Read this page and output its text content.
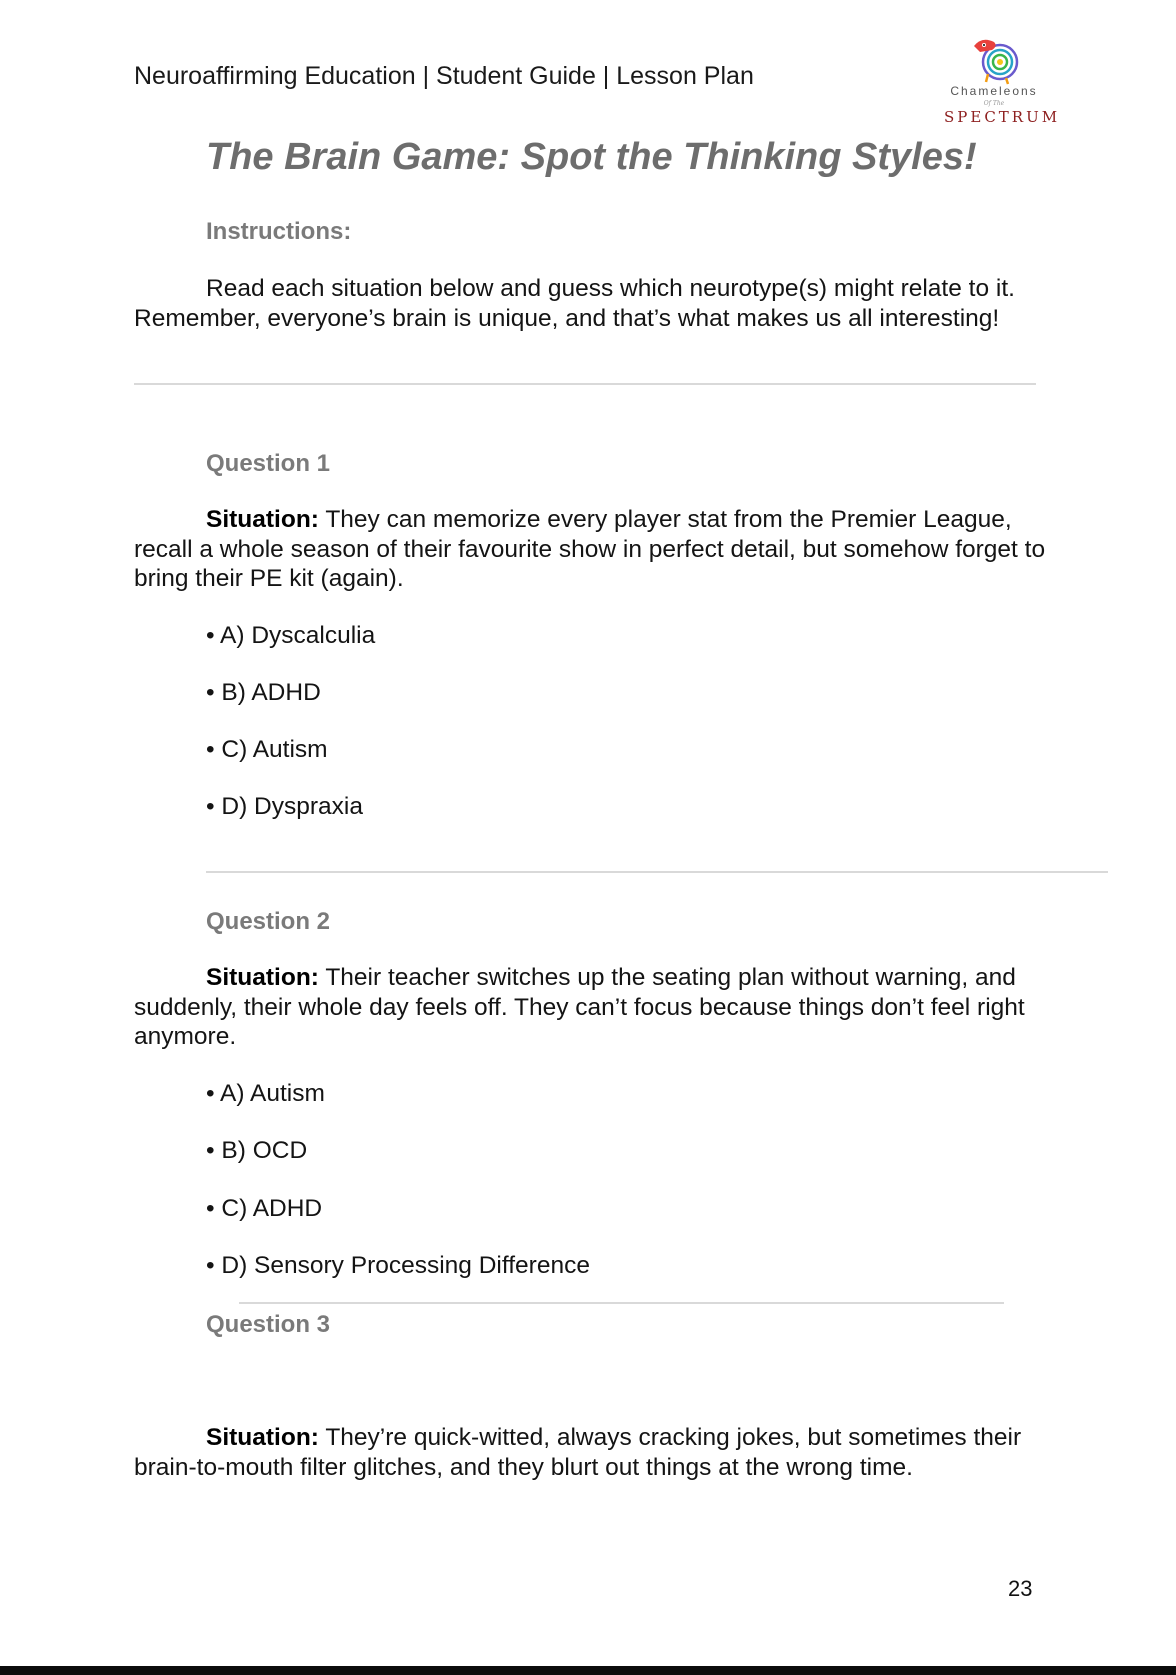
Neuroaffirming Education | Student Guide | Lesson Plan
Chameleons
Of The
SPECTRUM
The Brain Game: Spot the Thinking Styles!
Instructions:

Read each situation below and guess which neurotype(s) might relate to it. Remember, everyone’s brain is unique, and that’s what makes us all interesting!

Question 1

Situation: They can memorize every player stat from the Premier League, recall a whole season of their favourite show in perfect detail, but somehow forget to bring their PE kit (again).

• A) Dyscalculia
• B) ADHD
• C) Autism
• D) Dyspraxia
Question 2

Situation: Their teacher switches up the seating plan without warning, and suddenly, their whole day feels off. They can’t focus because things don’t feel right anymore.

• A) Autism
• B) OCD
• C) ADHD
• D) Sensory Processing Difference
Question 3

Situation: They’re quick-witted, always cracking jokes, but sometimes their brain-to-mouth filter glitches, and they blurt out things at the wrong time.

23
